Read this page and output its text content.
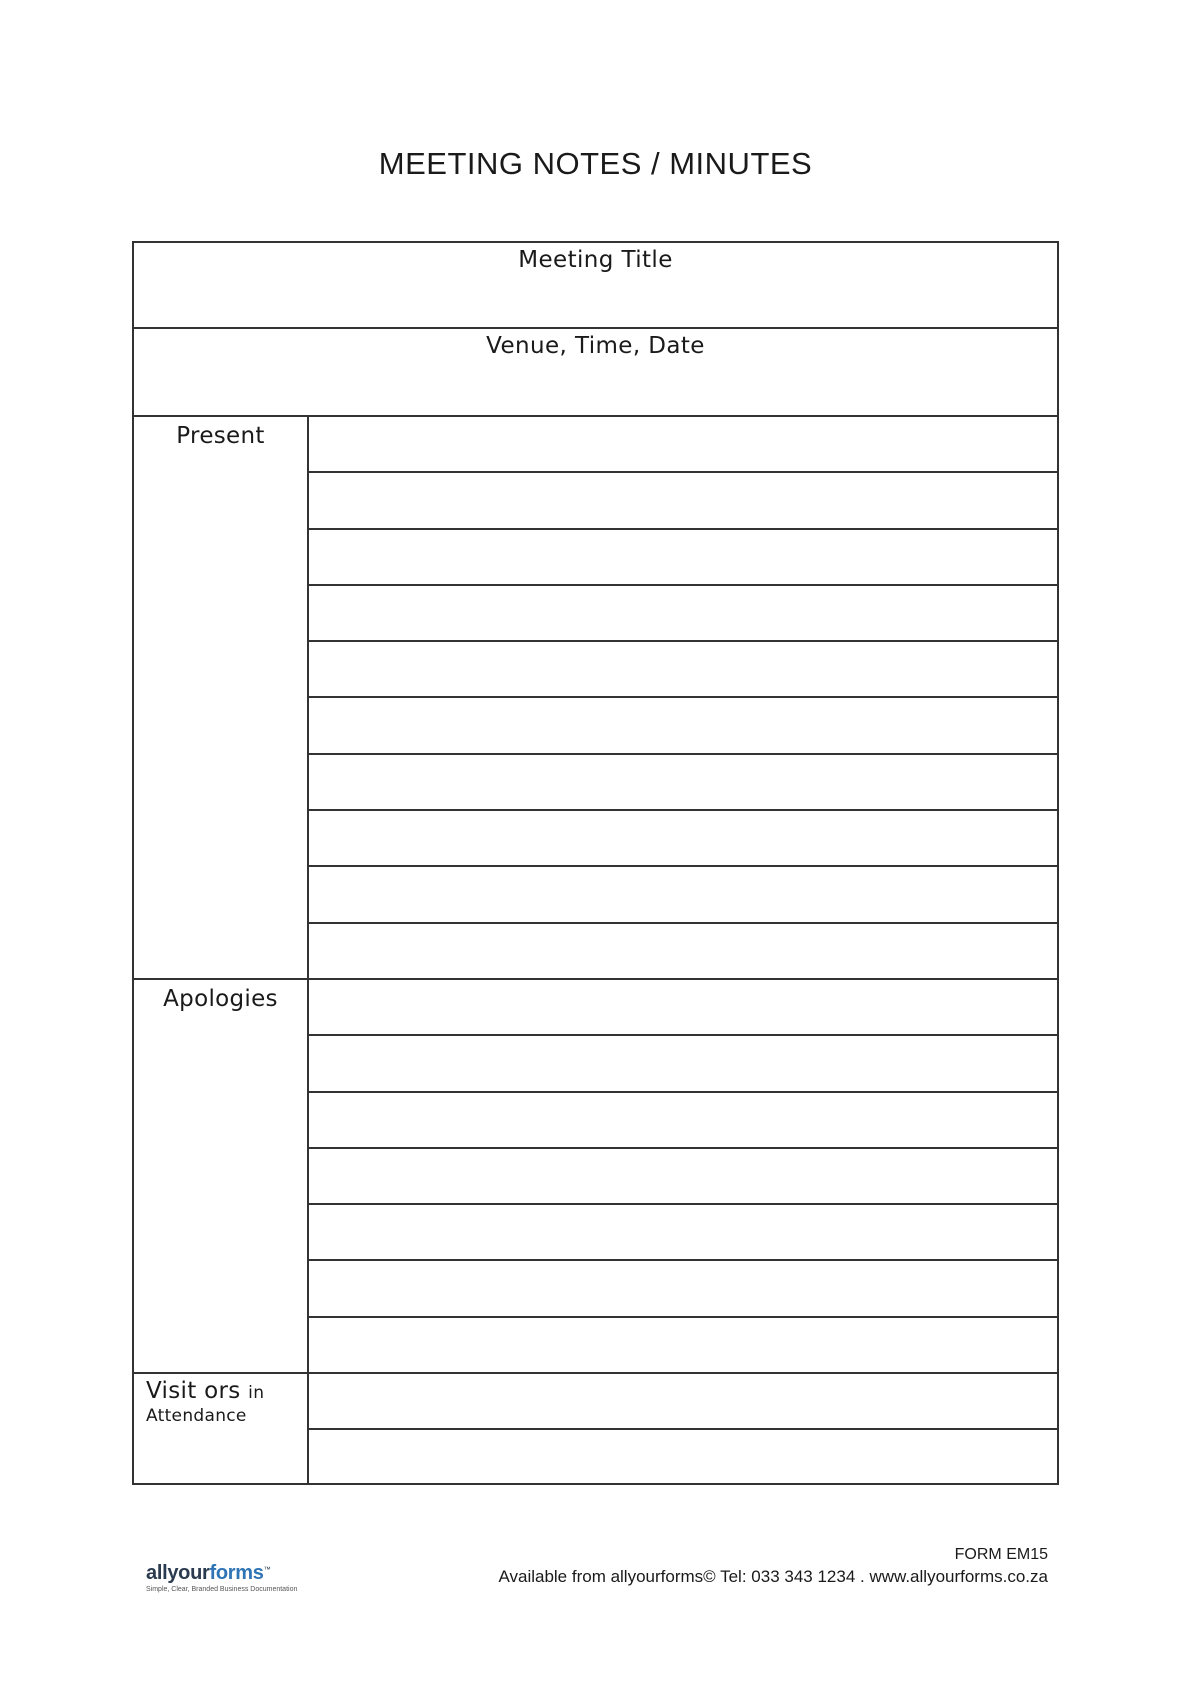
MEETING NOTES / MINUTES
Meeting Title
Venue, Time, Date
Present
Apologies
Visit ors in
Attendance
FORM EM15
Available from allyourforms© Tel: 033 343 1234 . www.allyourforms.co.za
allyourforms™
Simple, Clear, Branded Business Documentation
